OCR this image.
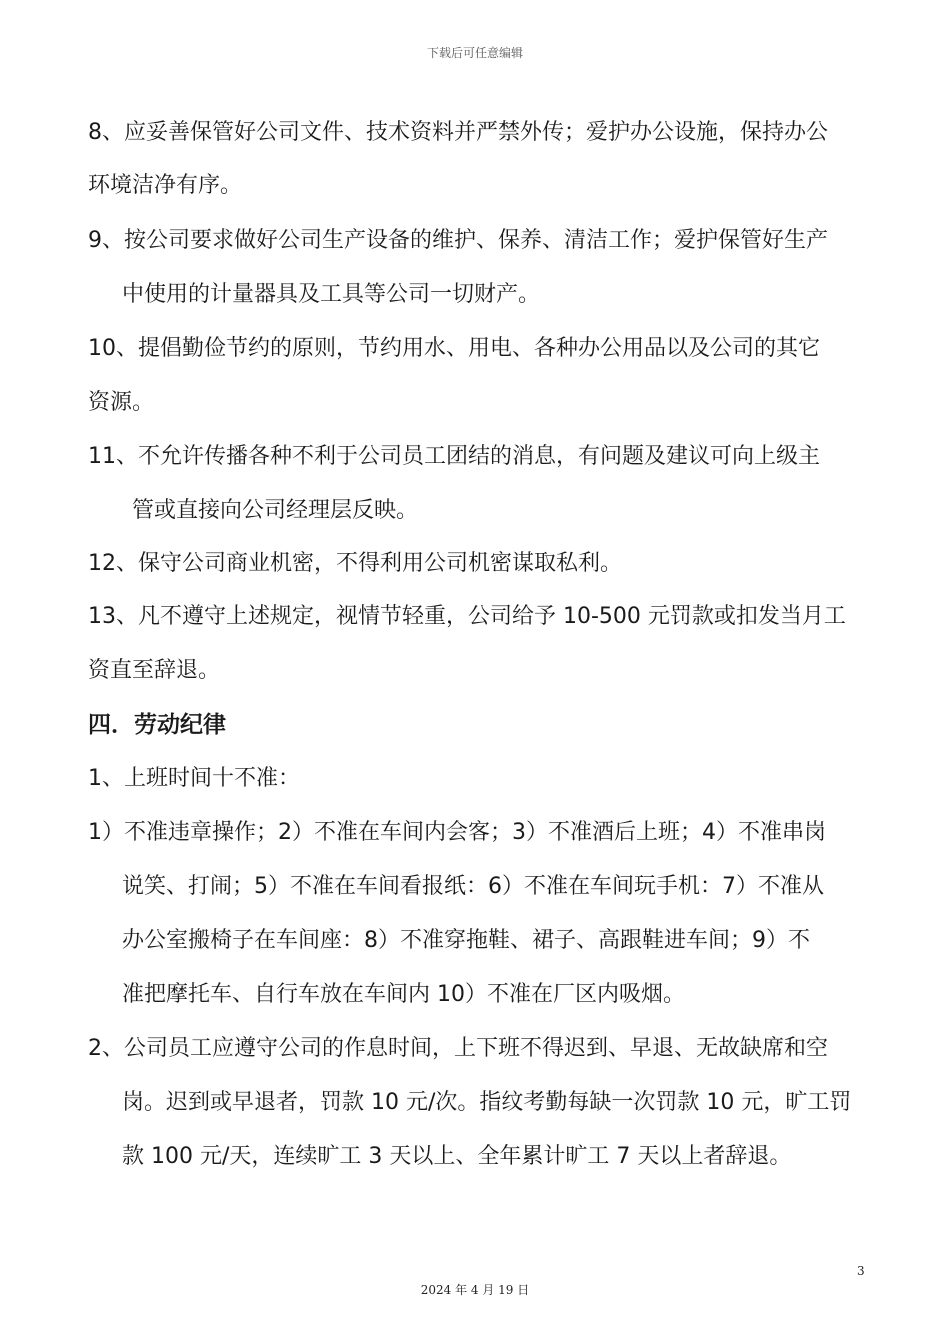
下载后可任意编辑
8、应妥善保管好公司文件、技术资料并严禁外传；爱护办公设施，保持办公
环境洁净有序。
9、按公司要求做好公司生产设备的维护、保养、清洁工作；爱护保管好生产
中使用的计量器具及工具等公司一切财产。
10、提倡勤俭节约的原则，节约用水、用电、各种办公用品以及公司的其它
资源。
11、不允许传播各种不利于公司员工团结的消息，有问题及建议可向上级主
管或直接向公司经理层反映。
12、保守公司商业机密，不得利用公司机密谋取私利。
13、凡不遵守上述规定，视情节轻重，公司给予 10-500 元罚款或扣发当月工
资直至辞退。
四．劳动纪律
1、上班时间十不准：
1）不准违章操作；2）不准在车间内会客；3）不准酒后上班；4）不准串岗
说笑、打闹；5）不准在车间看报纸：6）不准在车间玩手机：7）不准从
办公室搬椅子在车间座：8）不准穿拖鞋、裙子、高跟鞋进车间；9）不
准把摩托车、自行车放在车间内 10）不准在厂区内吸烟。
2、公司员工应遵守公司的作息时间，上下班不得迟到、早退、无故缺席和空
岗。迟到或早退者，罚款 10 元/次。指纹考勤每缺一次罚款 10 元，旷工罚
款 100 元/天，连续旷工 3 天以上、全年累计旷工 7 天以上者辞退。
3
2024 年 4 月 19 日
